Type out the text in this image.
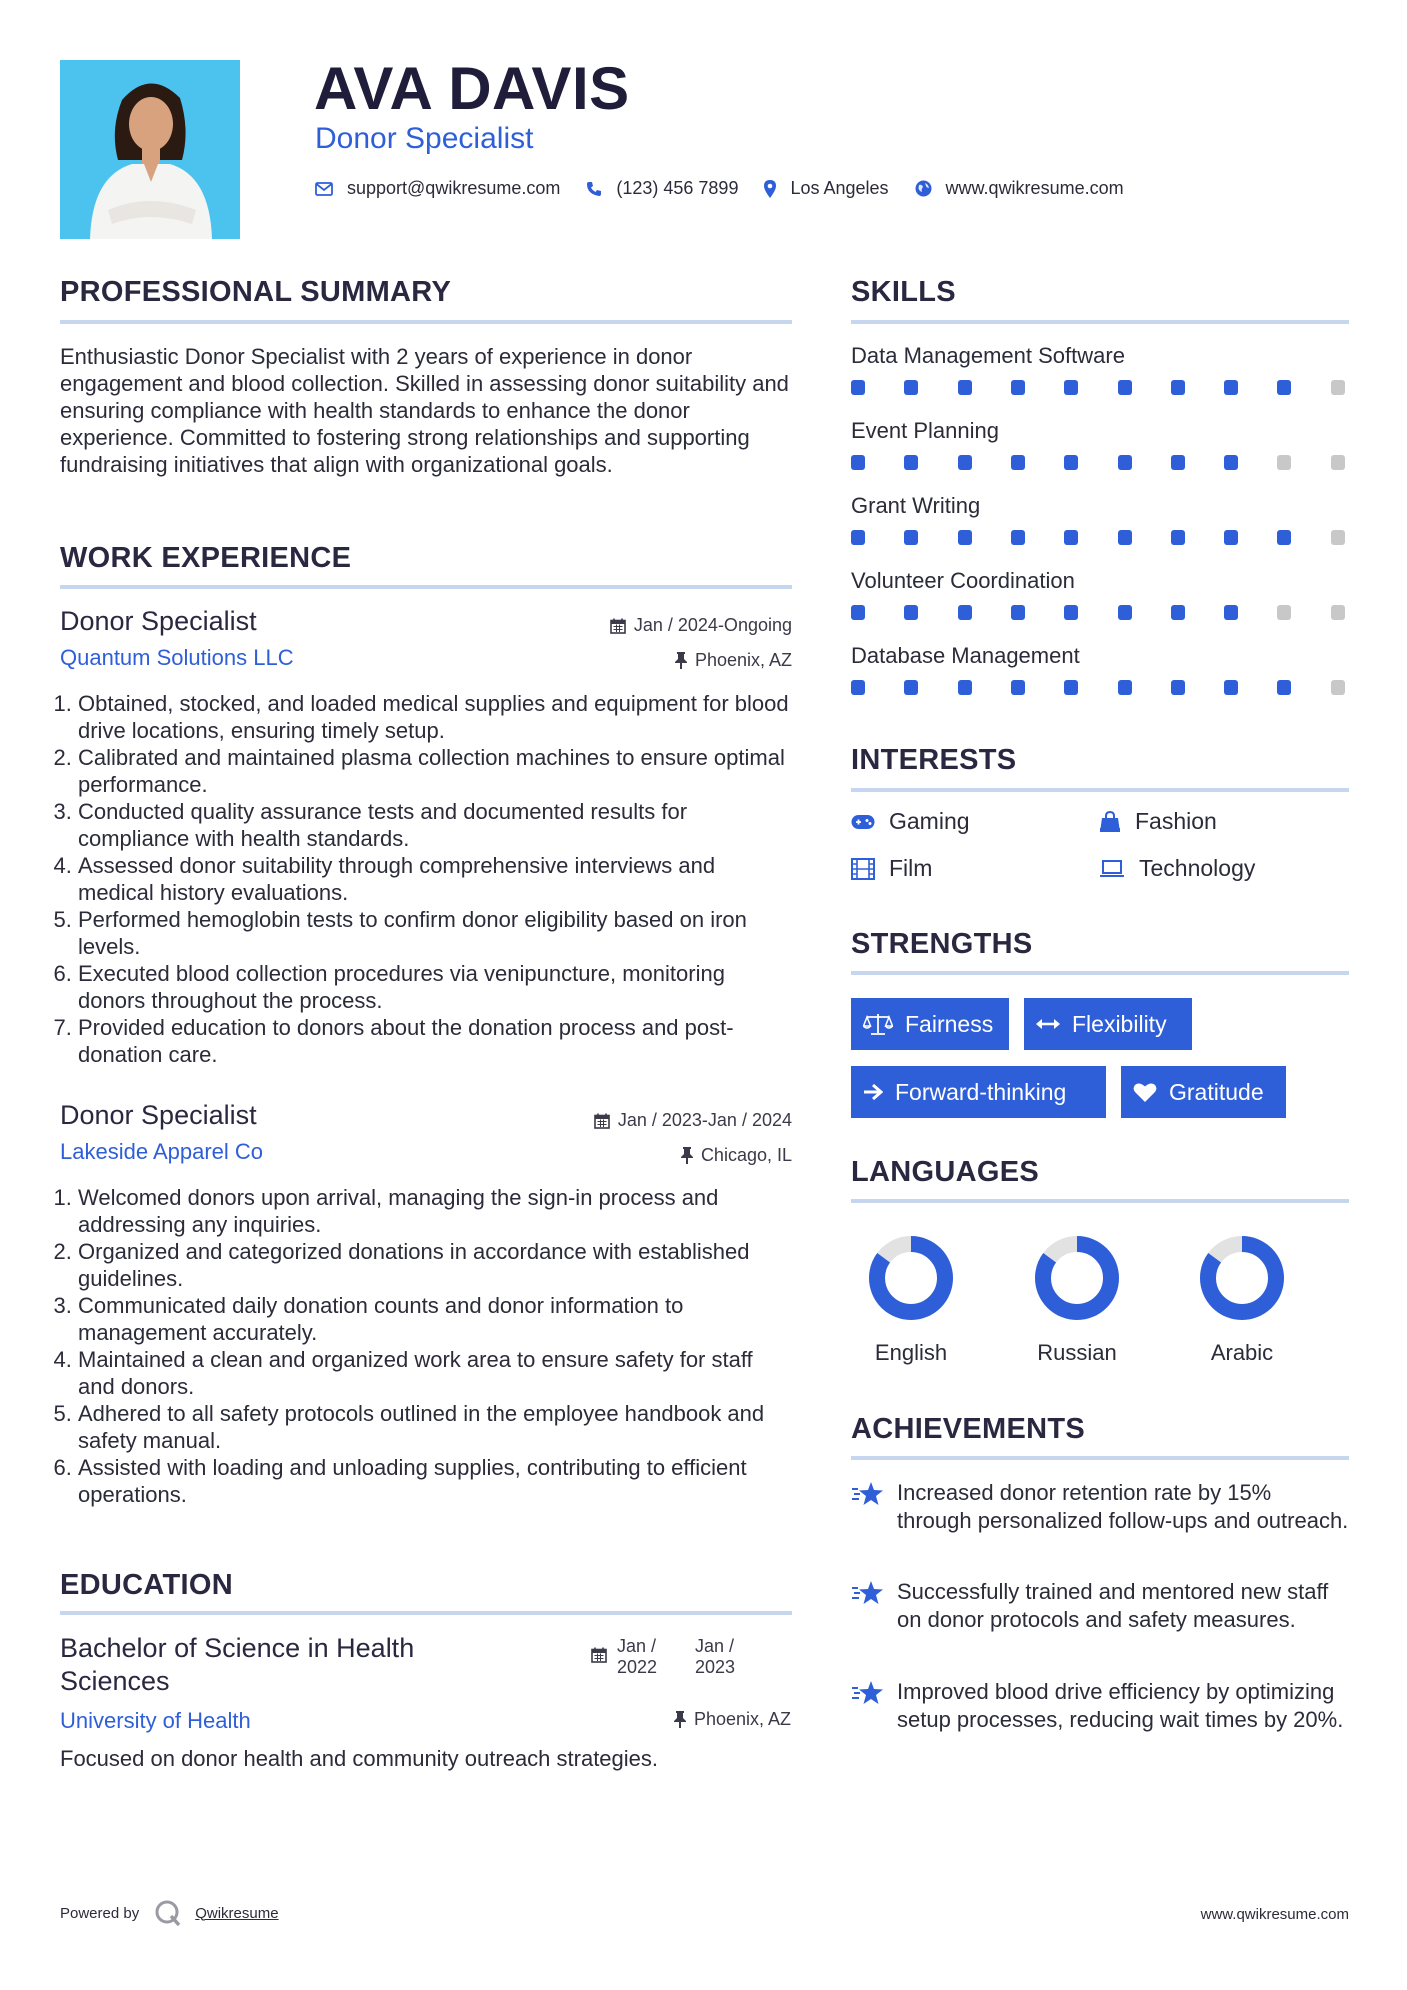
AVA DAVIS
Donor Specialist
support@qwikresume.com	(123) 456 7899	Los Angeles	www.qwikresume.com
PROFESSIONAL SUMMARY
Enthusiastic Donor Specialist with 2 years of experience in donor engagement and blood collection. Skilled in assessing donor suitability and ensuring compliance with health standards to enhance the donor experience. Committed to fostering strong relationships and supporting fundraising initiatives that align with organizational goals.
WORK EXPERIENCE
Donor Specialist
Quantum Solutions LLC
Jan / 2024-Ongoing
Phoenix, AZ
1. Obtained, stocked, and loaded medical supplies and equipment for blood drive locations, ensuring timely setup.
2. Calibrated and maintained plasma collection machines to ensure optimal performance.
3. Conducted quality assurance tests and documented results for compliance with health standards.
4. Assessed donor suitability through comprehensive interviews and medical history evaluations.
5. Performed hemoglobin tests to confirm donor eligibility based on iron levels.
6. Executed blood collection procedures via venipuncture, monitoring donors throughout the process.
7. Provided education to donors about the donation process and post-donation care.
Donor Specialist
Lakeside Apparel Co
Jan / 2023-Jan / 2024
Chicago, IL
1. Welcomed donors upon arrival, managing the sign-in process and addressing any inquiries.
2. Organized and categorized donations in accordance with established guidelines.
3. Communicated daily donation counts and donor information to management accurately.
4. Maintained a clean and organized work area to ensure safety for staff and donors.
5. Adhered to all safety protocols outlined in the employee handbook and safety manual.
6. Assisted with loading and unloading supplies, contributing to efficient operations.
EDUCATION
Bachelor of Science in Health Sciences
Jan / 2022
Jan / 2023
University of Health	Phoenix, AZ
Focused on donor health and community outreach strategies.
SKILLS
Data Management Software
Event Planning
Grant Writing
Volunteer Coordination
Database Management
INTERESTS
Gaming	Fashion
Film	Technology
STRENGTHS
Fairness	Flexibility
Forward-thinking	Gratitude
LANGUAGES
English	Russian	Arabic
ACHIEVEMENTS
Increased donor retention rate by 15% through personalized follow-ups and outreach.
Successfully trained and mentored new staff on donor protocols and safety measures.
Improved blood drive efficiency by optimizing setup processes, reducing wait times by 20%.
Powered by	Qwikresume	www.qwikresume.com
